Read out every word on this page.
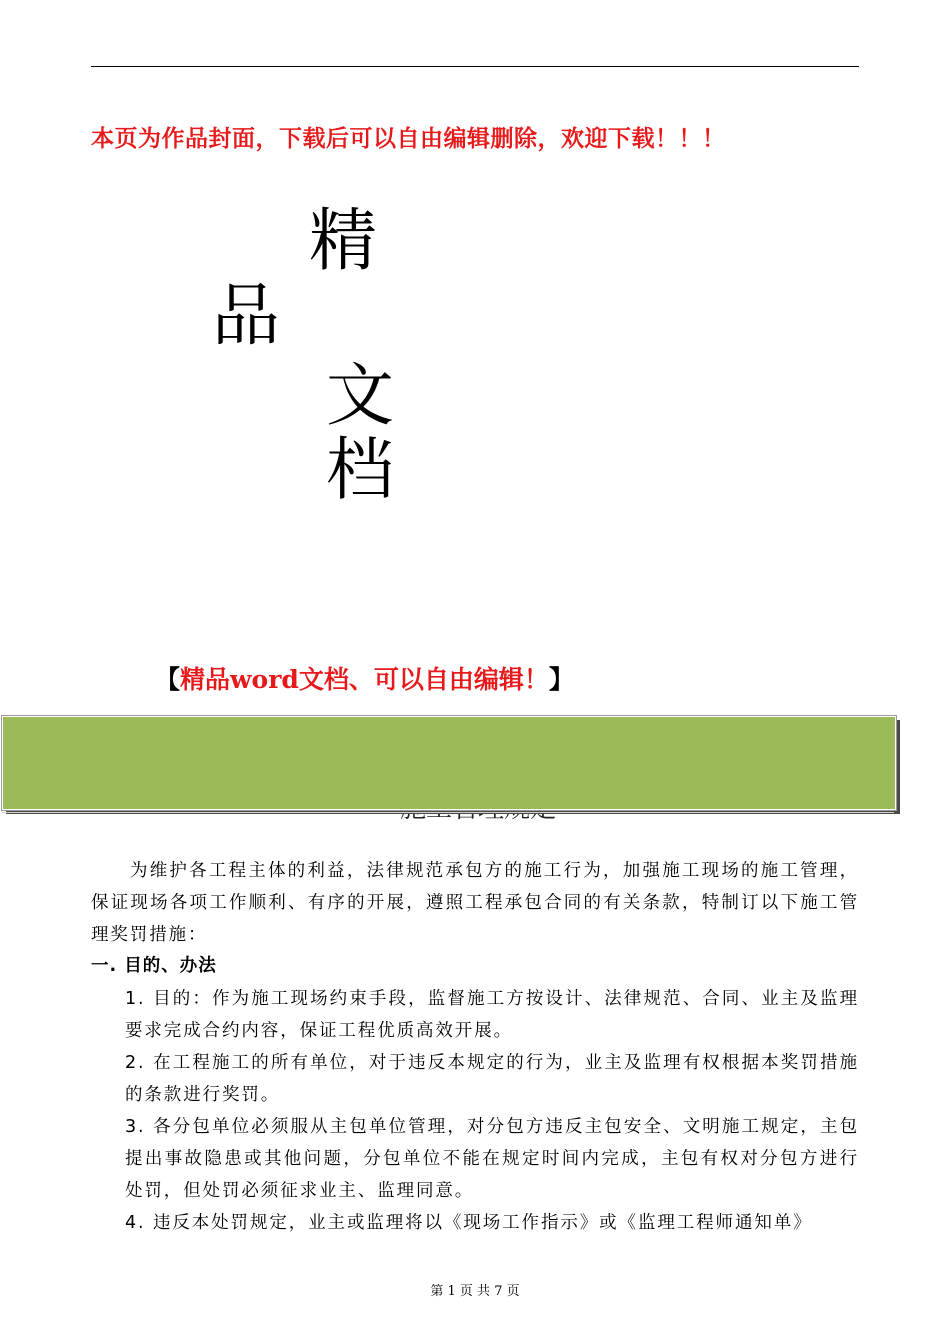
本页为作品封面，下载后可以自由编辑删除，欢迎下载！！！
精
品
文
档
【精品word文档、可以自由编辑！】
为维护各工程主体的利益，法律规范承包方的施工行为，加强施工现场的施工管理，保证现场各项工作顺利、有序的开展，遵照工程承包合同的有关条款，特制订以下施工管理奖罚措施：
一. 目的、办法
1. 目的：作为施工现场约束手段，监督施工方按设计、法律规范、合同、业主及监理要求完成合约内容，保证工程优质高效开展。
2. 在工程施工的所有单位，对于违反本规定的行为，业主及监理有权根据本奖罚措施的条款进行奖罚。
3. 各分包单位必须服从主包单位管理，对分包方违反主包安全、文明施工规定，主包提出事故隐患或其他问题，分包单位不能在规定时间内完成，主包有权对分包方进行处罚，但处罚必须征求业主、监理同意。
4. 违反本处罚规定，业主或监理将以《现场工作指示》或《监理工程师通知单》
第 1 页 共 7 页
